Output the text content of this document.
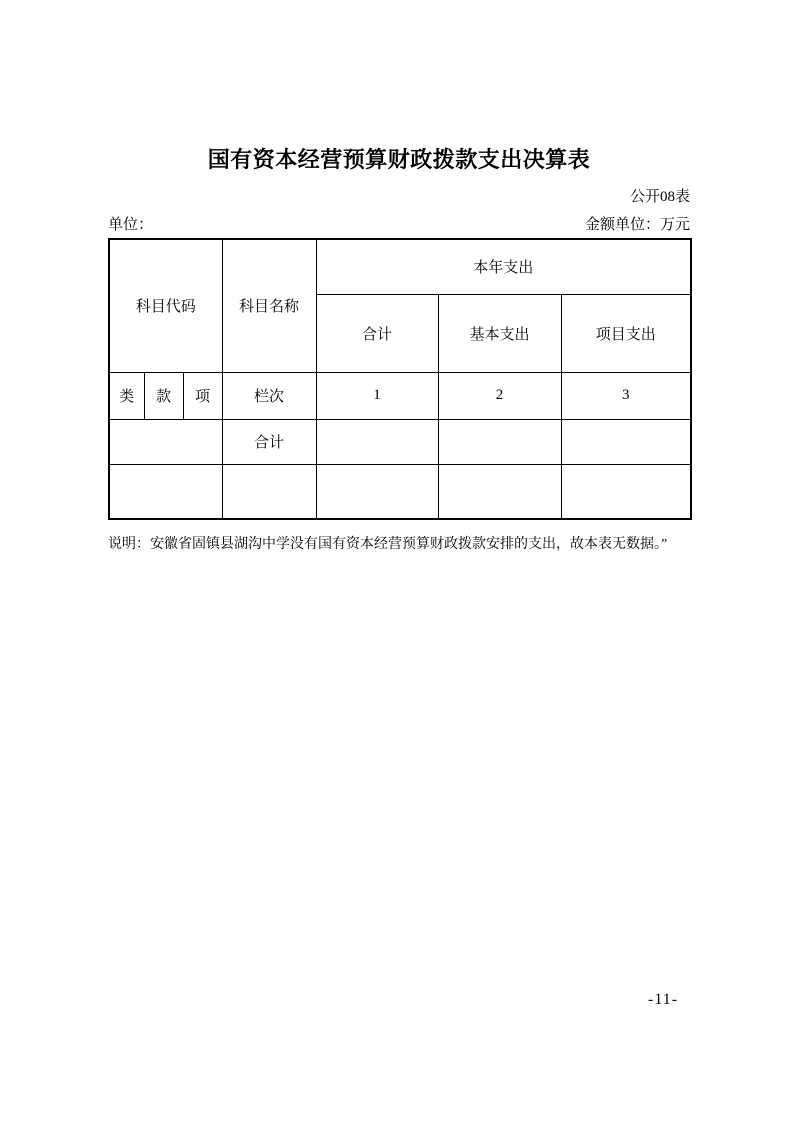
国有资本经营预算财政拨款支出决算表
公开08表
单位：	金额单位：万元
科目代码			科目名称	本年支出		
				合计	基本支出	项目支出
类	款	项	栏次	1	2	3
			合计			

说明：安徽省固镇县湖沟中学没有国有资本经营预算财政拨款安排的支出，故本表无数据。”
-11-
